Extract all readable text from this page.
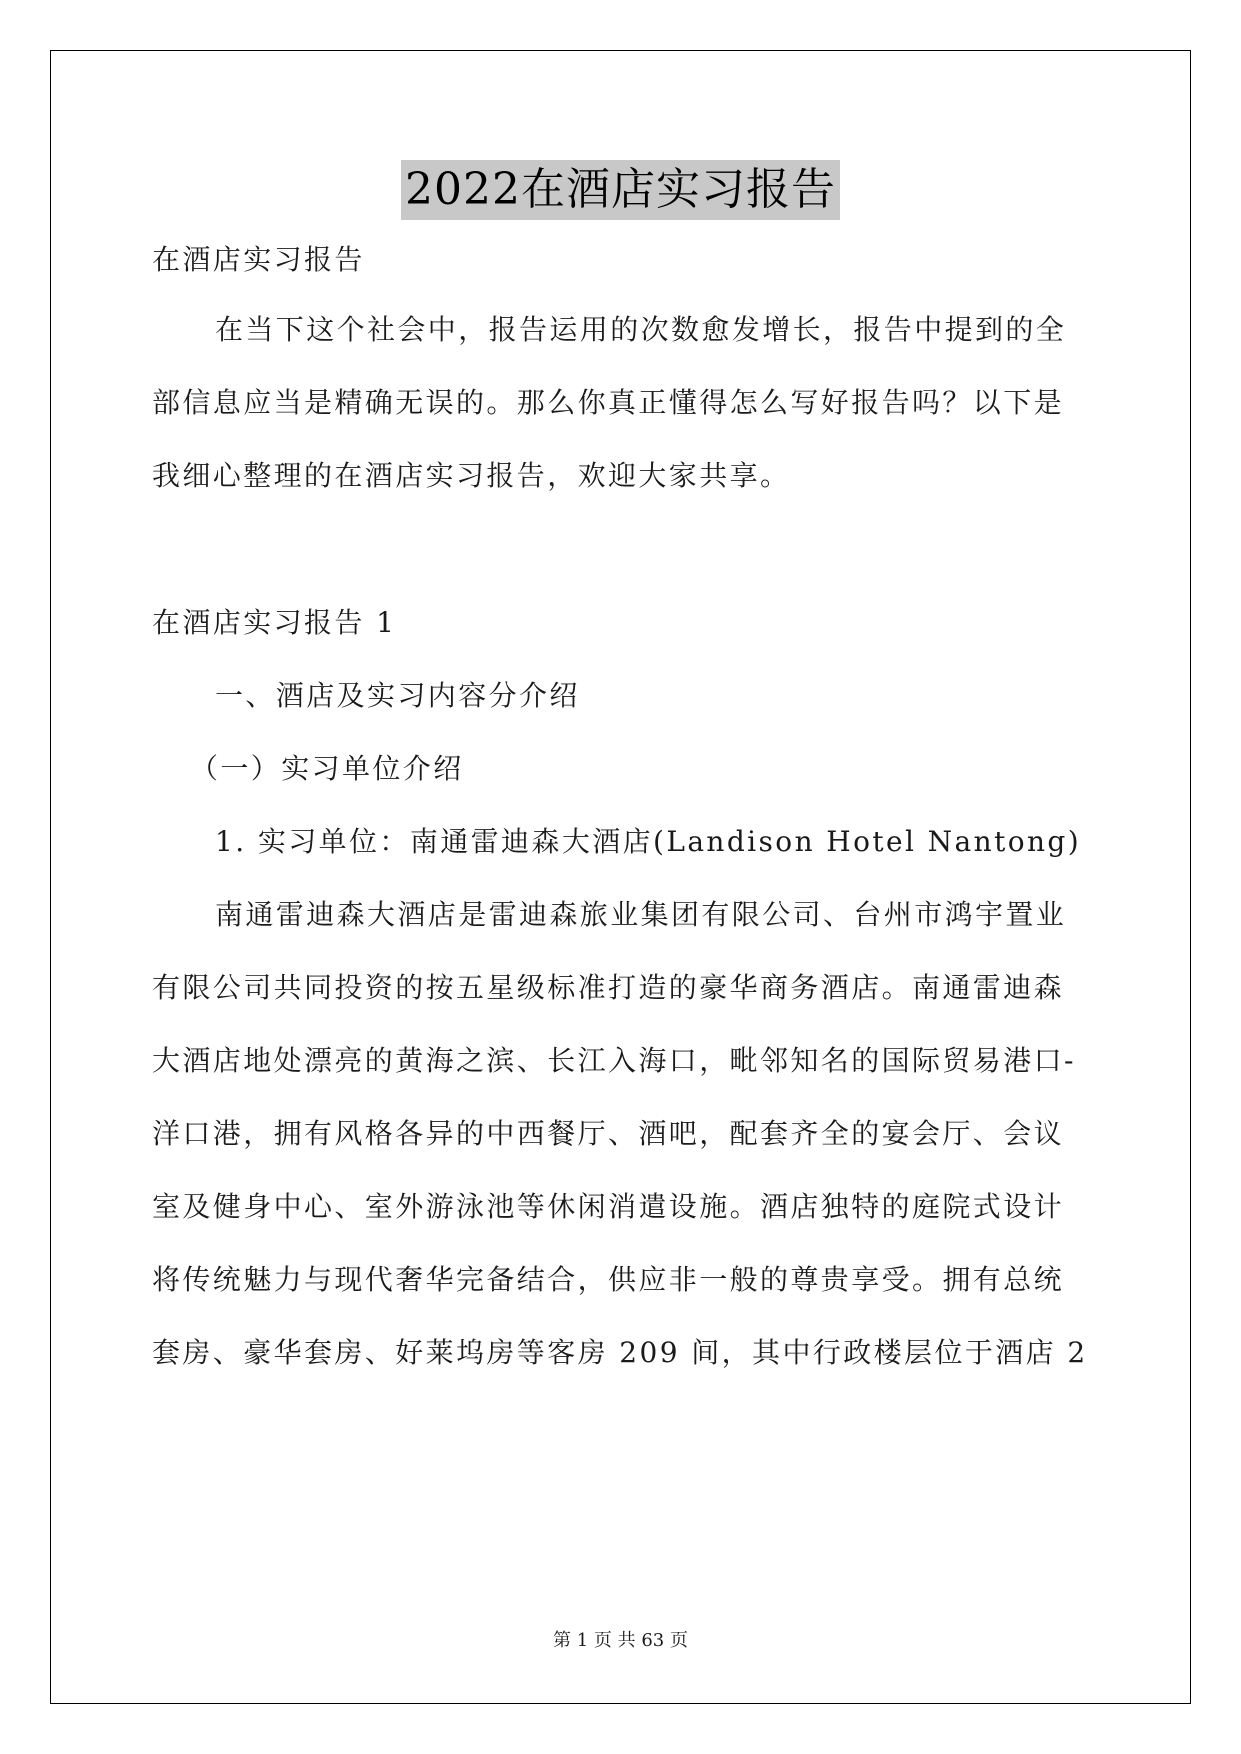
2022在酒店实习报告
在酒店实习报告
在当下这个社会中，报告运用的次数愈发增长，报告中提到的全
部信息应当是精确无误的。那么你真正懂得怎么写好报告吗？以下是
我细心整理的在酒店实习报告，欢迎大家共享。
在酒店实习报告 1
一、酒店及实习内容分介绍
（一）实习单位介绍
1. 实习单位：南通雷迪森大酒店(Landison Hotel Nantong)
南通雷迪森大酒店是雷迪森旅业集团有限公司、台州市鸿宇置业
有限公司共同投资的按五星级标准打造的豪华商务酒店。南通雷迪森
大酒店地处漂亮的黄海之滨、长江入海口，毗邻知名的国际贸易港口-
洋口港，拥有风格各异的中西餐厅、酒吧，配套齐全的宴会厅、会议
室及健身中心、室外游泳池等休闲消遣设施。酒店独特的庭院式设计
将传统魅力与现代奢华完备结合，供应非一般的尊贵享受。拥有总统
套房、豪华套房、好莱坞房等客房 209 间，其中行政楼层位于酒店 2
第 1 页 共 63 页
